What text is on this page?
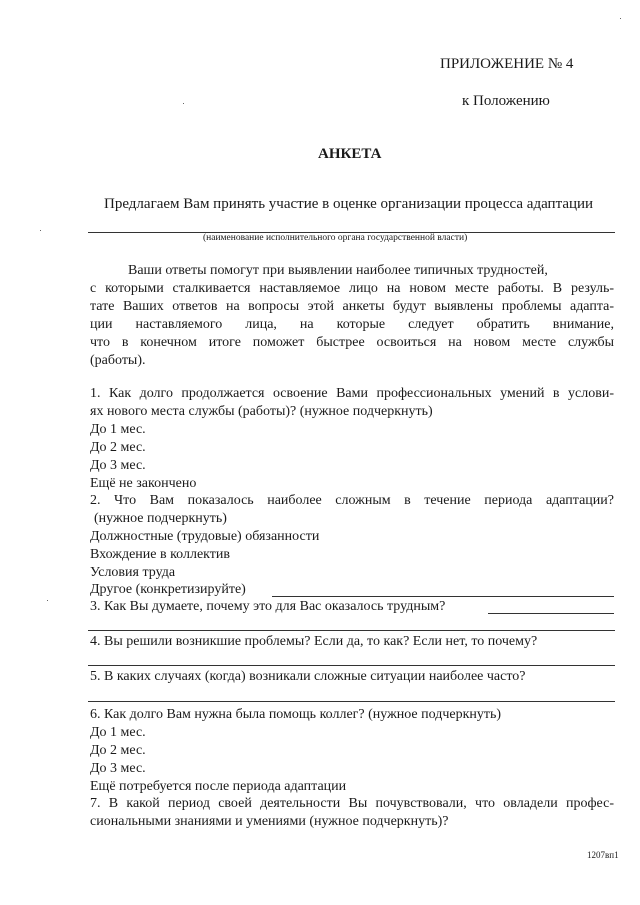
ПРИЛОЖЕНИЕ № 4
к Положению
АНКЕТА
Предлагаем Вам принять участие в оценке организации процесса адаптации
(наименование исполнительного органа государственной власти)
Ваши ответы помогут при выявлении наиболее типичных трудностей,
с которыми сталкивается наставляемое лицо на новом месте работы. В резуль-
тате Ваших ответов на вопросы этой анкеты будут выявлены проблемы адапта-
ции наставляемого лица, на которые следует обратить внимание,
что в конечном итоге поможет быстрее освоиться на новом месте службы
(работы).
1. Как долго продолжается освоение Вами профессиональных умений в услови-
ях нового места службы (работы)? (нужное подчеркнуть)
До 1 мес.
До 2 мес.
До 3 мес.
Ещё не закончено
2. Что Вам показалось наиболее сложным в течение периода адаптации?
(нужное подчеркнуть)
Должностные (трудовые) обязанности
Вхождение в коллектив
Условия труда
Другое (конкретизируйте)
3. Как Вы думаете, почему это для Вас оказалось трудным?
4. Вы решили возникшие проблемы? Если да, то как? Если нет, то почему?
5. В каких случаях (когда) возникали сложные ситуации наиболее часто?
6. Как долго Вам нужна была помощь коллег? (нужное подчеркнуть)
До 1 мес.
До 2 мес.
До 3 мес.
Ещё потребуется после периода адаптации
7. В какой период своей деятельности Вы почувствовали, что овладели профес-
сиональными знаниями и умениями (нужное подчеркнуть)?
1207вп1
